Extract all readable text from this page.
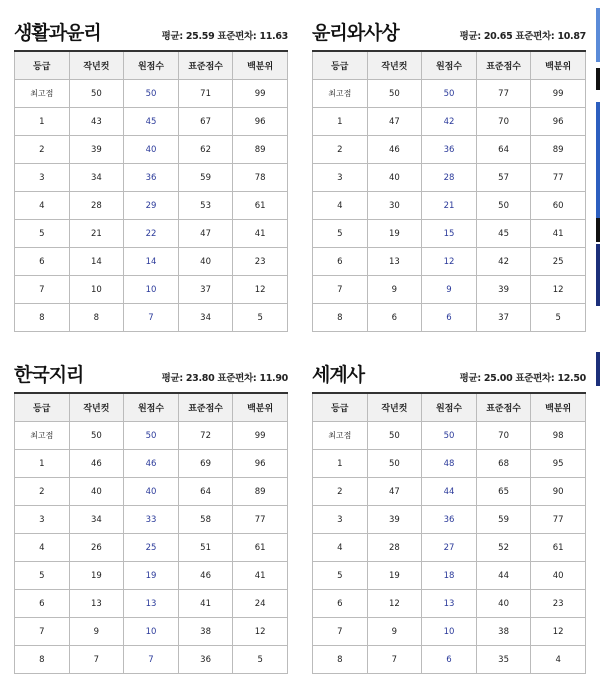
생활과윤리	평균: 25.59 표준편차: 11.63
등급	작년컷	원점수	표준점수	백분위
최고점	50	50	71	99
1	43	45	67	96
2	39	40	62	89
3	34	36	59	78
4	28	29	53	61
5	21	22	47	41
6	14	14	40	23
7	10	10	37	12
8	8	7	34	5
윤리와사상	평균: 20.65 표준편차: 10.87
등급	작년컷	원점수	표준점수	백분위
최고점	50	50	77	99
1	47	42	70	96
2	46	36	64	89
3	40	28	57	77
4	30	21	50	60
5	19	15	45	41
6	13	12	42	25
7	9	9	39	12
8	6	6	37	5
한국지리	평균: 23.80 표준편차: 11.90
등급	작년컷	원점수	표준점수	백분위
최고점	50	50	72	99
1	46	46	69	96
2	40	40	64	89
3	34	33	58	77
4	26	25	51	61
5	19	19	46	41
6	13	13	41	24
7	9	10	38	12
8	7	7	36	5
세계사	평균: 25.00 표준편차: 12.50
등급	작년컷	원점수	표준점수	백분위
최고점	50	50	70	98
1	50	48	68	95
2	47	44	65	90
3	39	36	59	77
4	28	27	52	61
5	19	18	44	40
6	12	13	40	23
7	9	10	38	12
8	7	6	35	4
